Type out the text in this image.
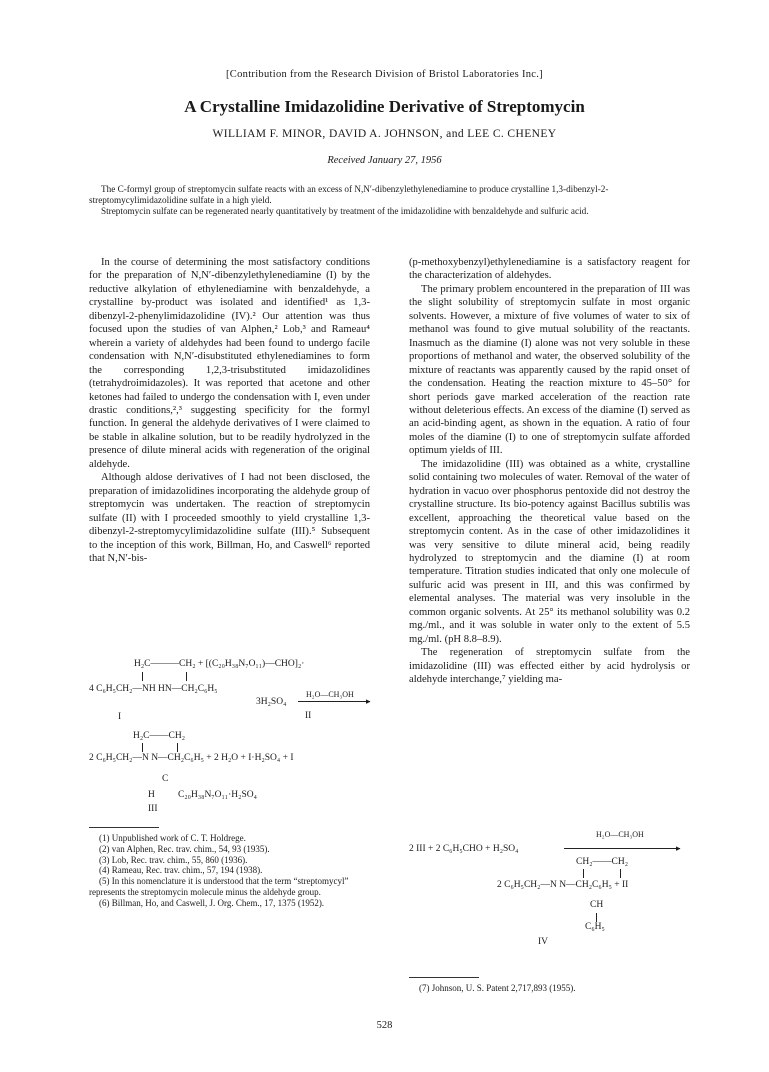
[Contribution from the Research Division of Bristol Laboratories Inc.]
A Crystalline Imidazolidine Derivative of Streptomycin
WILLIAM F. MINOR, DAVID A. JOHNSON, and LEE C. CHENEY
Received January 27, 1956

The C-formyl group of streptomycin sulfate reacts with an excess of N,N′-dibenzylethylenediamine to produce crystalline 1,3-dibenzyl-2-streptomycylimidazolidine sulfate in a high yield.

Streptomycin sulfate can be regenerated nearly quantitatively by treatment of the imidazolidine with benzaldehyde and sulfuric acid.

In the course of determining the most satisfactory conditions for the preparation of N,N′-dibenzylethylenediamine (I) by the reductive alkylation of ethylenediamine with benzaldehyde, a crystalline by-product was isolated and identified¹ as 1,3-dibenzyl-2-phenylimidazolidine (IV).² Our attention was thus focused upon the studies of van Alphen,² Lob,³ and Rameau⁴ wherein a variety of aldehydes had been found to undergo facile condensation with N,N′-disubstituted ethylenediamines to form the corresponding 1,2,3-trisubstituted imidazolidines (tetrahydroimidazoles). It was reported that acetone and other ketones had failed to undergo the condensation with I, even under drastic conditions,²,³ suggesting specificity for the formyl function. In general the aldehyde derivatives of I were claimed to be stable in alkaline solution, but to be readily hydrolyzed in the presence of dilute mineral acids with regeneration of the original aldehyde.

Although aldose derivatives of I had not been disclosed, the preparation of imidazolidines incorporating the aldehyde group of streptomycin was undertaken. The reaction of streptomycin sulfate (II) with I proceeded smoothly to yield crystalline 1,3-dibenzyl-2-streptomycylimidazolidine sulfate (III).⁵ Subsequent to the inception of this work, Billman, Ho, and Caswell⁶ reported that N,N′-bis-

H₂C———CH₂ + [(C₂₀H₃₈N₇O₁₁)—CHO]₂·
4 C₆H₅CH₂—NH HN—CH₂C₆H₅
H₂O—CH₃OH
▸
3H₂SO₄
I	II
H₂C——CH₂
2 C₆H₅CH₂—N N—CH₂C₆H₅ + 2 H₂O + I·H₂SO₄ + I
C
H C₂₀H₃₈N₇O₁₁·H₂SO₄
III

(1) Unpublished work of C. T. Holdrege.

(2) van Alphen, Rec. trav. chim., 54, 93 (1935).

(3) Lob, Rec. trav. chim., 55, 860 (1936).

(4) Rameau, Rec. trav. chim., 57, 194 (1938).

(5) In this nomenclature it is understood that the term “streptomycyl” represents the streptomycin molecule minus the aldehyde group.

(6) Billman, Ho, and Caswell, J. Org. Chem., 17, 1375 (1952).

(p-methoxybenzyl)ethylenediamine is a satisfactory reagent for the characterization of aldehydes.

The primary problem encountered in the preparation of III was the slight solubility of streptomycin sulfate in most organic solvents. However, a mixture of five volumes of water to six of methanol was found to give mutual solubility of the reactants. Inasmuch as the diamine (I) alone was not very soluble in these proportions of methanol and water, the observed solubility of the mixture of reactants was apparently caused by the rapid onset of the condensation. Heating the reaction mixture to 45–50° for short periods gave marked acceleration of the reaction rate without deleterious effects. An excess of the diamine (I) served as an acid-binding agent, as shown in the equation. A ratio of four moles of the diamine (I) to one of streptomycin sulfate afforded optimum yields of III.

The imidazolidine (III) was obtained as a white, crystalline solid containing two molecules of water. Removal of the water of hydration in vacuo over phosphorus pentoxide did not destroy the crystalline structure. Its bio-potency against Bacillus subtilis was excellent, approaching the theoretical value based on the streptomycin content. As in the case of other imidazolidines it was very sensitive to dilute mineral acid, being readily hydrolyzed to streptomycin and the diamine (I) at room temperature. Titration studies indicated that only one molecule of sulfuric acid was present in III, and this was confirmed by elemental analyses. The material was very insoluble in the common organic solvents. At 25° its methanol solubility was 0.2 mg./ml., and it was soluble in water only to the extent of 5.5 mg./ml. (pH 8.8–8.9).

The regeneration of streptomycin sulfate from the imidazolidine (III) was effected either by acid hydrolysis or aldehyde interchange,⁷ yielding ma-

H₂O—CH₃OH
▸
2 III + 2 C₆H₅CHO + H₂SO₄
CH₂——CH₂
2 C₆H₅CH₂—N N—CH₂C₆H₅ + II
CH
C₆H₅
IV

(7) Johnson, U. S. Patent 2,717,893 (1955).

528
